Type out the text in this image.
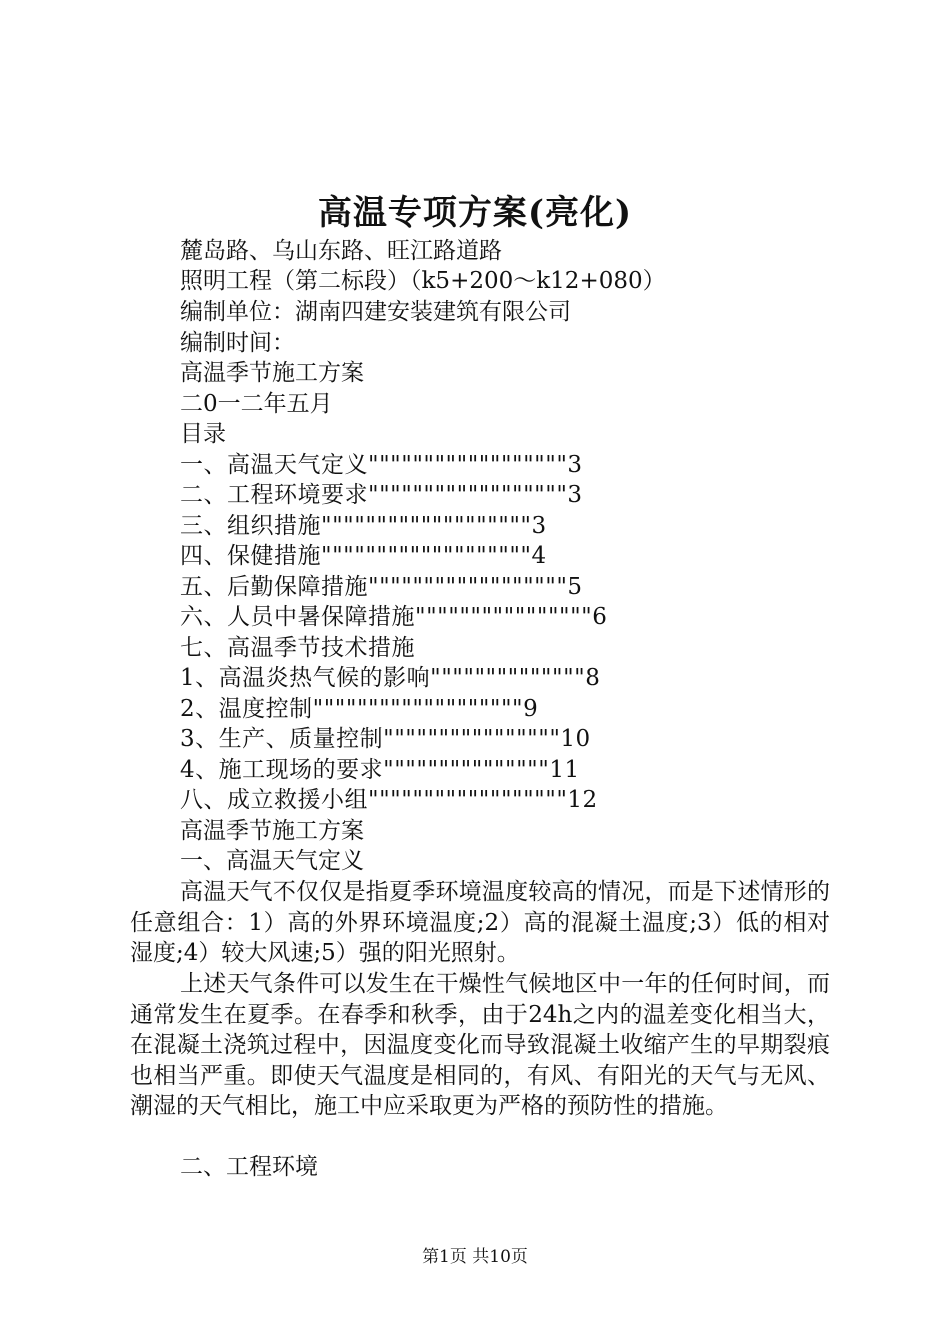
高温专项方案(亮化)
麓岛路、乌山东路、旺江路道路
照明工程（第二标段）（k5+200～k12+080）
编制单位：湖南四建安装建筑有限公司
编制时间：
高温季节施工方案
二0一二年五月
目录
一、高温天气定义""""""""""""""""""3
二、工程环境要求""""""""""""""""""3
三、组织措施"""""""""""""""""""3
四、保健措施"""""""""""""""""""4
五、后勤保障措施""""""""""""""""""5
六、人员中暑保障措施""""""""""""""""6
七、高温季节技术措施
1、高温炎热气候的影响""""""""""""""8
2、温度控制"""""""""""""""""""9
3、生产、质量控制""""""""""""""""10
4、施工现场的要求"""""""""""""""11
八、成立救援小组""""""""""""""""""12
高温季节施工方案
一、高温天气定义

高温天气不仅仅是指夏季环境温度较高的情况，而是下述情形的任意组合：1）高的外界环境温度;2）高的混凝土温度;3）低的相对湿度;4）较大风速;5）强的阳光照射。

上述天气条件可以发生在干燥性气候地区中一年的任何时间，而通常发生在夏季。在春季和秋季，由于24h之内的温差变化相当大，在混凝土浇筑过程中，因温度变化而导致混凝土收缩产生的早期裂痕也相当严重。即使天气温度是相同的，有风、有阳光的天气与无风、潮湿的天气相比，施工中应采取更为严格的预防性的措施。

二、工程环境
第1页 共10页
